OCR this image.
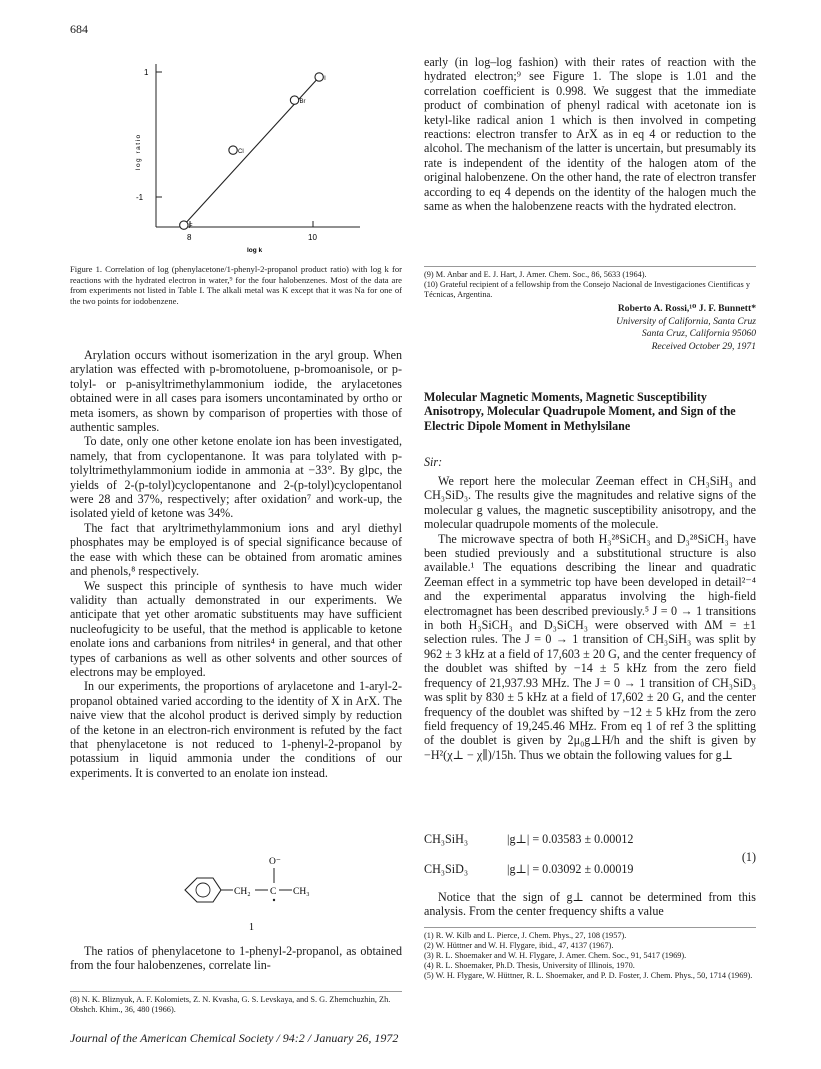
684
1
-1
8	10
log ratio
log k
F
Cl
Br
I
Figure 1. Correlation of log (phenylacetone/1-phenyl-2-propanol product ratio) with log k for reactions with the hydrated electron in water,⁹ for the four halobenzenes. Most of the data are from experiments not listed in Table I. The alkali metal was K except that it was Na for one of the two points for iodobenzene.

Arylation occurs without isomerization in the aryl group. When arylation was effected with p-bromotoluene, p-bromoanisole, or p-tolyl- or p-anisyltrimethylammonium iodide, the arylacetones obtained were in all cases para isomers uncontaminated by ortho or meta isomers, as shown by comparison of properties with those of authentic samples.

To date, only one other ketone enolate ion has been investigated, namely, that from cyclopentanone. It was para tolylated with p-tolyltrimethylammonium iodide in ammonia at −33°. By glpc, the yields of 2-(p-tolyl)cyclopentanone and 2-(p-tolyl)cyclopentanol were 28 and 37%, respectively; after oxidation⁷ and work-up, the isolated yield of ketone was 34%.

The fact that aryltrimethylammonium ions and aryl diethyl phosphates may be employed is of special significance because of the ease with which these can be obtained from aromatic amines and phenols,⁸ respectively.

We suspect this principle of synthesis to have much wider validity than actually demonstrated in our experiments. We anticipate that yet other aromatic substituents may have sufficient nucleofugicity to be useful, that the method is applicable to ketone enolate ions and carbanions from nitriles⁴ in general, and that other types of carbanions as well as other solvents and other sources of electrons may be employed.

In our experiments, the proportions of arylacetone and 1-aryl-2-propanol obtained varied according to the identity of X in ArX. The naive view that the alcohol product is derived simply by reduction of the ketone in an electron-rich environment is refuted by the fact that phenylacetone is not reduced to 1-phenyl-2-propanol by potassium in liquid ammonia under the conditions of our experiments. It is converted to an enolate ion instead.

CH₂ C
O⁻
CH₃
1

The ratios of phenylacetone to 1-phenyl-2-propanol, as obtained from the four halobenzenes, correlate lin-

(8) N. K. Bliznyuk, A. F. Kolomiets, Z. N. Kvasha, G. S. Levskaya, and S. G. Zhemchuzhin, Zh. Obshch. Khim., 36, 480 (1966).

early (in log–log fashion) with their rates of reaction with the hydrated electron;⁹ see Figure 1. The slope is 1.01 and the correlation coefficient is 0.998. We suggest that the immediate product of combination of phenyl radical with acetonate ion is ketyl-like radical anion 1 which is then involved in competing reactions: electron transfer to ArX as in eq 4 or reduction to the alcohol. The mechanism of the latter is uncertain, but presumably its rate is independent of the identity of the halogen atom of the original halobenzene. On the other hand, the rate of electron transfer according to eq 4 depends on the identity of the halogen much the same as when the halobenzene reacts with the hydrated electron.

(9) M. Anbar and E. J. Hart, J. Amer. Chem. Soc., 86, 5633 (1964).
(10) Grateful recipient of a fellowship from the Consejo Nacional de Investigaciones Cientificas y Técnicas, Argentina.
Roberto A. Rossi,¹⁰ J. F. Bunnett*
University of California, Santa Cruz
Santa Cruz, California 95060
Received October 29, 1971
Molecular Magnetic Moments, Magnetic Susceptibility Anisotropy, Molecular Quadrupole Moment, and Sign of the Electric Dipole Moment in Methylsilane
Sir:

We report here the molecular Zeeman effect in CH₃SiH₃ and CH₃SiD₃. The results give the magnitudes and relative signs of the molecular g values, the magnetic susceptibility anisotropy, and the molecular quadrupole moments of the molecule.

The microwave spectra of both H₃²⁸SiCH₃ and D₃²⁸SiCH₃ have been studied previously and a substitutional structure is also available.¹ The equations describing the linear and quadratic Zeeman effect in a symmetric top have been developed in detail²⁻⁴ and the experimental apparatus involving the high-field electromagnet has been described previously.⁵ J = 0 → 1 transitions in both H₃SiCH₃ and D₃SiCH₃ were observed with ΔM = ±1 selection rules. The J = 0 → 1 transition of CH₃SiH₃ was split by 962 ± 3 kHz at a field of 17,603 ± 20 G, and the center frequency of the doublet was shifted by −14 ± 5 kHz from the zero field frequency of 21,937.93 MHz. The J = 0 → 1 transition of CH₃SiD₃ was split by 830 ± 5 kHz at a field of 17,602 ± 20 G, and the center frequency of the doublet was shifted by −12 ± 5 kHz from the zero field frequency of 19,245.46 MHz. From eq 1 of ref 3 the splitting of the doublet is given by 2μ₀g⊥H/h and the shift is given by −H²(χ⊥ − χ∥)/15h. Thus we obtain the following values for g⊥

CH₃SiH₃	|g⊥| = 0.03583 ± 0.00012
CH₃SiD₃	|g⊥| = 0.03092 ± 0.00019
(1)

Notice that the sign of g⊥ cannot be determined from this analysis. From the center frequency shifts a value

(1) R. W. Kilb and L. Pierce, J. Chem. Phys., 27, 108 (1957).
(2) W. Hüttner and W. H. Flygare, ibid., 47, 4137 (1967).
(3) R. L. Shoemaker and W. H. Flygare, J. Amer. Chem. Soc., 91, 5417 (1969).
(4) R. L. Shoemaker, Ph.D. Thesis, University of Illinois, 1970.
(5) W. H. Flygare, W. Hüttner, R. L. Shoemaker, and P. D. Foster, J. Chem. Phys., 50, 1714 (1969).
Journal of the American Chemical Society / 94:2 / January 26, 1972
